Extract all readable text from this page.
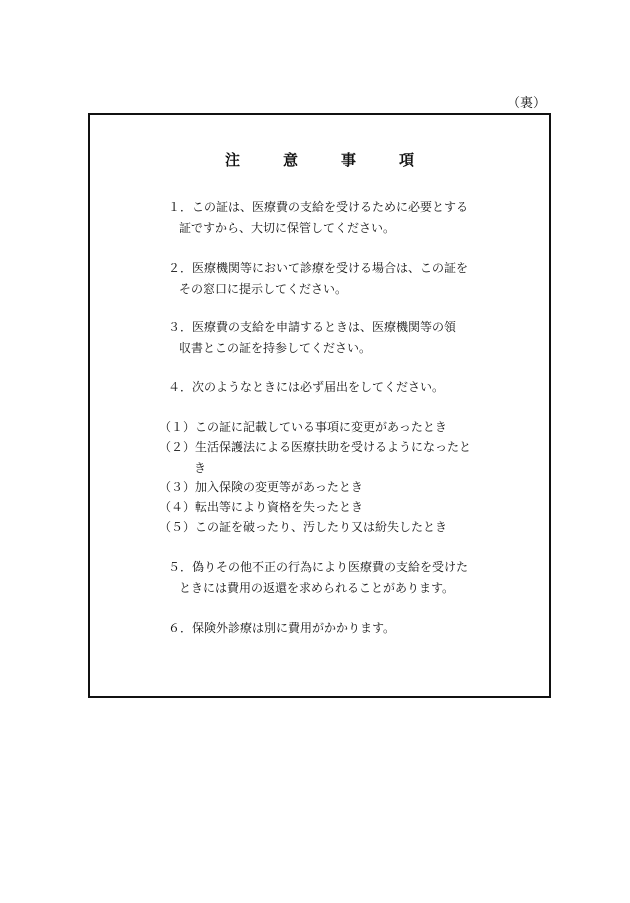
（裏）
注　意　事　項
１．この証は、医療費の支給を受けるために必要とする
証ですから、大切に保管してください。
２．医療機関等において診療を受ける場合は、この証を
その窓口に提示してください。
３．医療費の支給を申請するときは、医療機関等の領
収書とこの証を持参してください。
４．次のようなときには必ず届出をしてください。
（１）この証に記載している事項に変更があったとき
（２）生活保護法による医療扶助を受けるようになったと
き
（３）加入保険の変更等があったとき
（４）転出等により資格を失ったとき
（５）この証を破ったり、汚したり又は紛失したとき
５．偽りその他不正の行為により医療費の支給を受けた
ときには費用の返還を求められることがあります。
６．保険外診療は別に費用がかかります。
